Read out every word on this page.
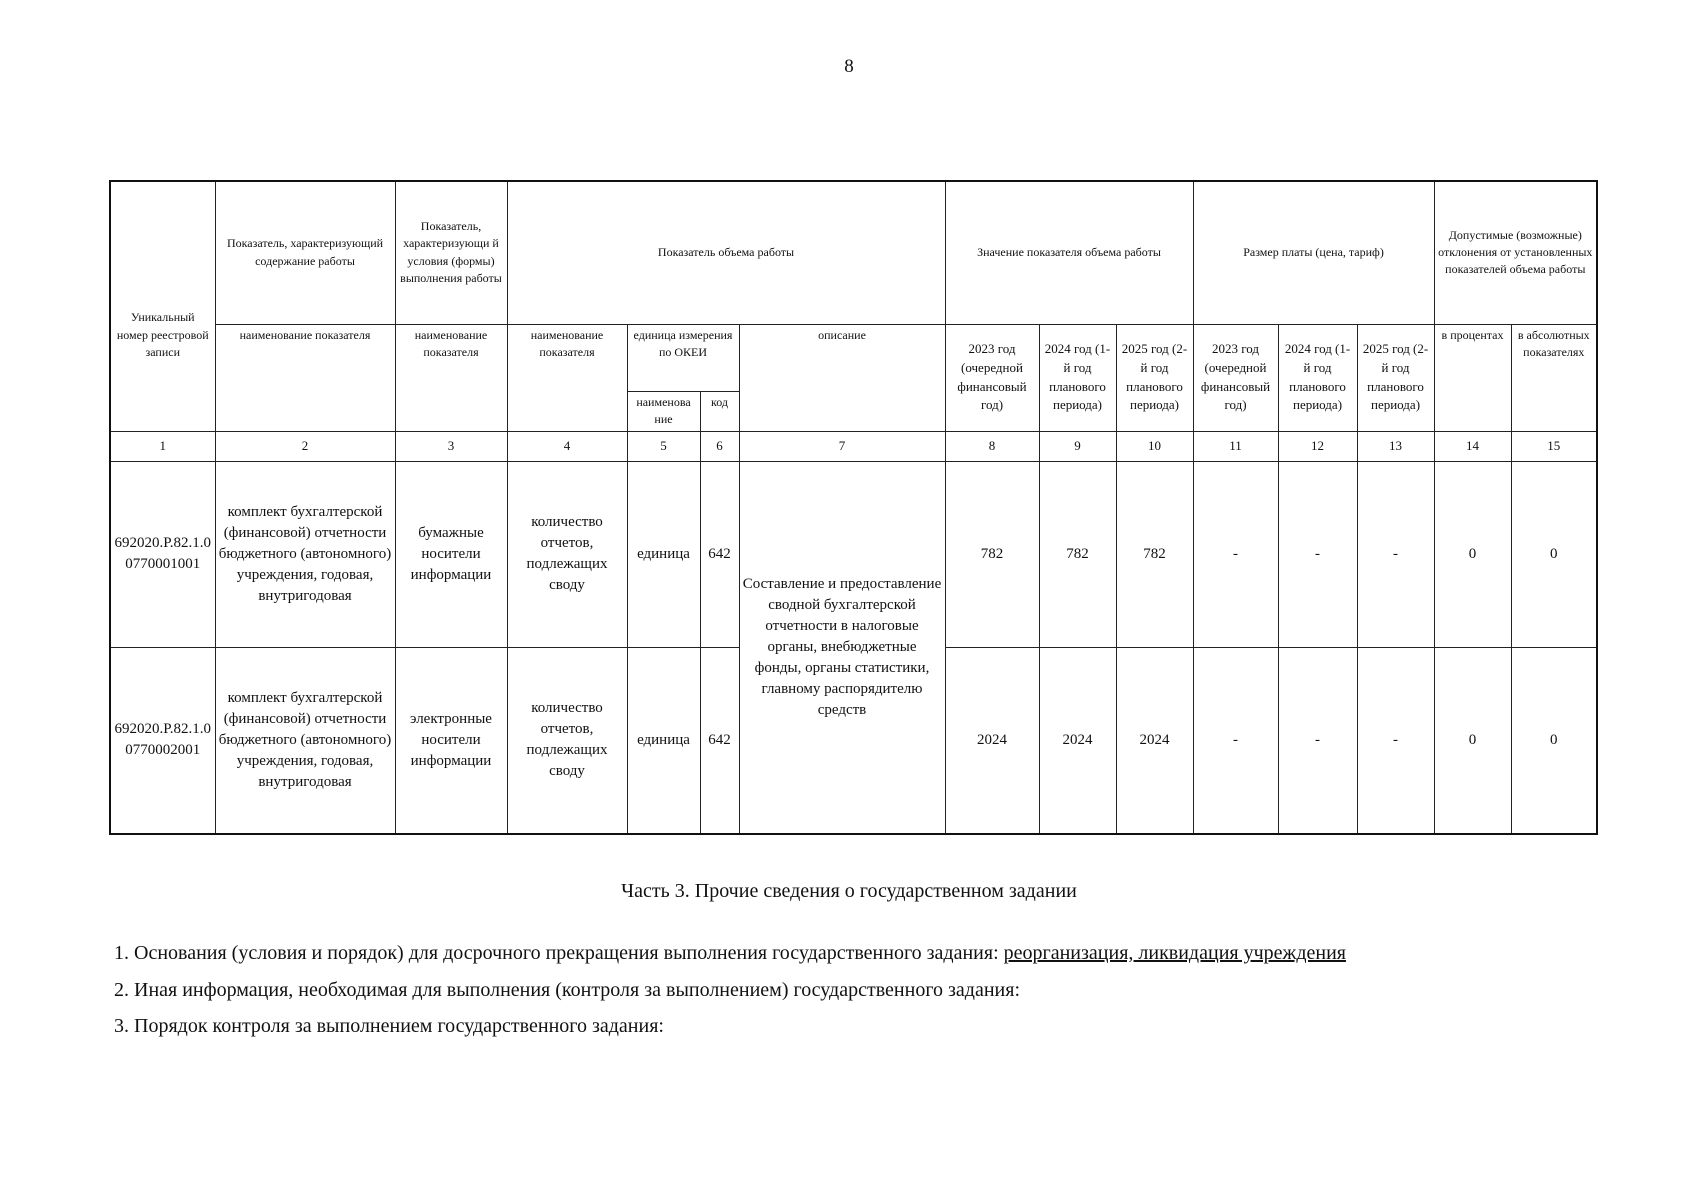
8
Уникальный номер реестровой записи	Показатель, характеризующий содержание работы	Показатель, характеризующи й условия (формы) выполнения работы	Показатель объема работы				Значение показателя объема работы			Размер платы (цена, тариф)			Допустимые (возможные) отклонения от установленных показателей объема работы	
	наименование показателя	наименование показателя	наименование показателя	единица измерения по ОКЕИ		описание	2023 год (очередной финансовый год)	2024 год (1-й год планового периода)	2025 год (2-й год планового периода)	2023 год (очередной финансовый год)	2024 год (1-й год планового периода)	2025 год (2-й год планового периода)	в процентах	в абсолютных показателях
				наименова ние	код									
1	2	3	4	5	6	7	8	9	10	11	12	13	14	15
692020.Р.82.1.0 0770001001	комплект бухгалтерской (финансовой) отчетности бюджетного (автономного) учреждения, годовая, внутригодовая	бумажные носители информации	количество отчетов, подлежащих своду	единица	642	Составление и предоставление сводной бухгалтерской отчетности в налоговые органы, внебюджетные фонды, органы статистики, главному распорядителю средств	782	782	782	-	-	-	0	0
692020.Р.82.1.0 0770002001	комплект бухгалтерской (финансовой) отчетности бюджетного (автономного) учреждения, годовая, внутригодовая	электронные носители информации	количество отчетов, подлежащих своду	единица	642		2024	2024	2024	-	-	-	0	0
Часть 3. Прочие сведения о государственном задании
1. Основания (условия и порядок) для досрочного прекращения выполнения государственного задания: реорганизация, ликвидация учреждения
2. Иная информация, необходимая для выполнения (контроля за выполнением) государственного задания:
3. Порядок контроля за выполнением государственного задания:
